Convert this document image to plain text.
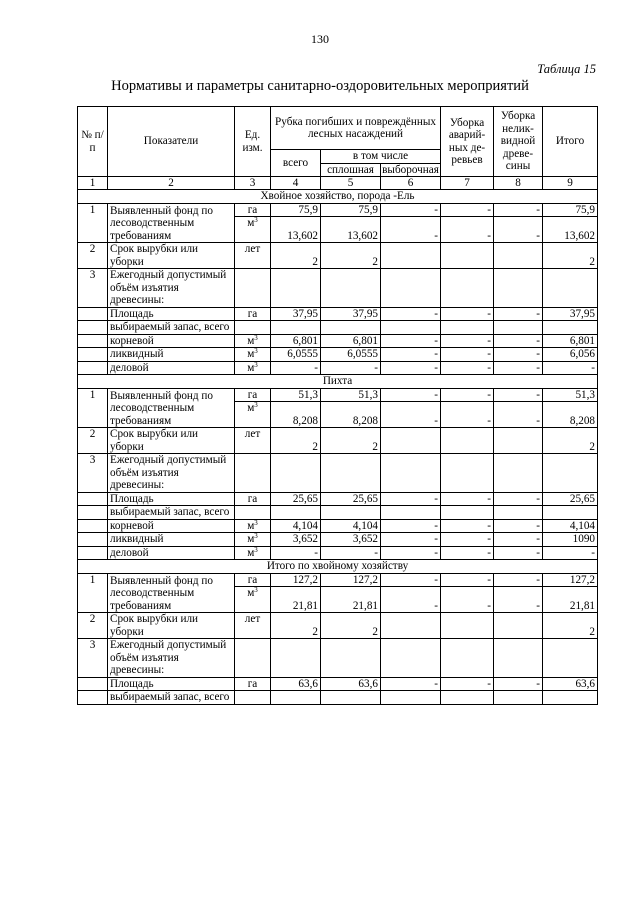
130
Таблица 15
Нормативы и параметры санитарно-оздоровительных мероприятий
№ п/п	Показатели	Ед. изм.	Рубка погибших и повреждённых лесных насаждений			Уборка аварий-ных де-ревьев	Уборка нелик-видной древе-сины	Итого
			всего	в том числе				
				сплошная	выборочная			
1	2	3	4	5	6	7	8	9
Хвойное хозяйство, порода -Ель								
1	Выявленный фонд по лесоводственным требованиям	га	75,9	75,9	-	-	-	75,9
		$м^3$	13,602	13,602	-	-	-	13,602
2	Срок вырубки или уборки	лет	2	2				2
3	Ежегодный допустимый объём изъятия древесины:							
	Площадь	га	37,95	37,95	-	-	-	37,95
	выбираемый запас, всего							
	корневой	$м^3$	6,801	6,801	-	-	-	6,801
	ликвидный	$м^3$	6,0555	6,0555	-	-	-	6,056
	деловой	$м^3$	-	-	-	-	-	-
Пихта								
1	Выявленный фонд по лесоводственным требованиям	га	51,3	51,3	-	-	-	51,3
		$м^3$	8,208	8,208	-	-	-	8,208
2	Срок вырубки или уборки	лет	2	2				2
3	Ежегодный допустимый объём изъятия древесины:							
	Площадь	га	25,65	25,65	-	-	-	25,65
	выбираемый запас, всего							
	корневой	$м^3$	4,104	4,104	-	-	-	4,104
	ликвидный	$м^3$	3,652	3,652	-	-	-	1090
	деловой	$м^3$	-	-	-	-	-	-
Итого по хвойному хозяйству								
1	Выявленный фонд по лесоводственным требованиям	га	127,2	127,2	-	-	-	127,2
		$м^3$	21,81	21,81	-	-	-	21,81
2	Срок вырубки или уборки	лет	2	2				2
3	Ежегодный допустимый объём изъятия древесины:							
	Площадь	га	63,6	63,6	-	-	-	63,6
	выбираемый запас, всего							
